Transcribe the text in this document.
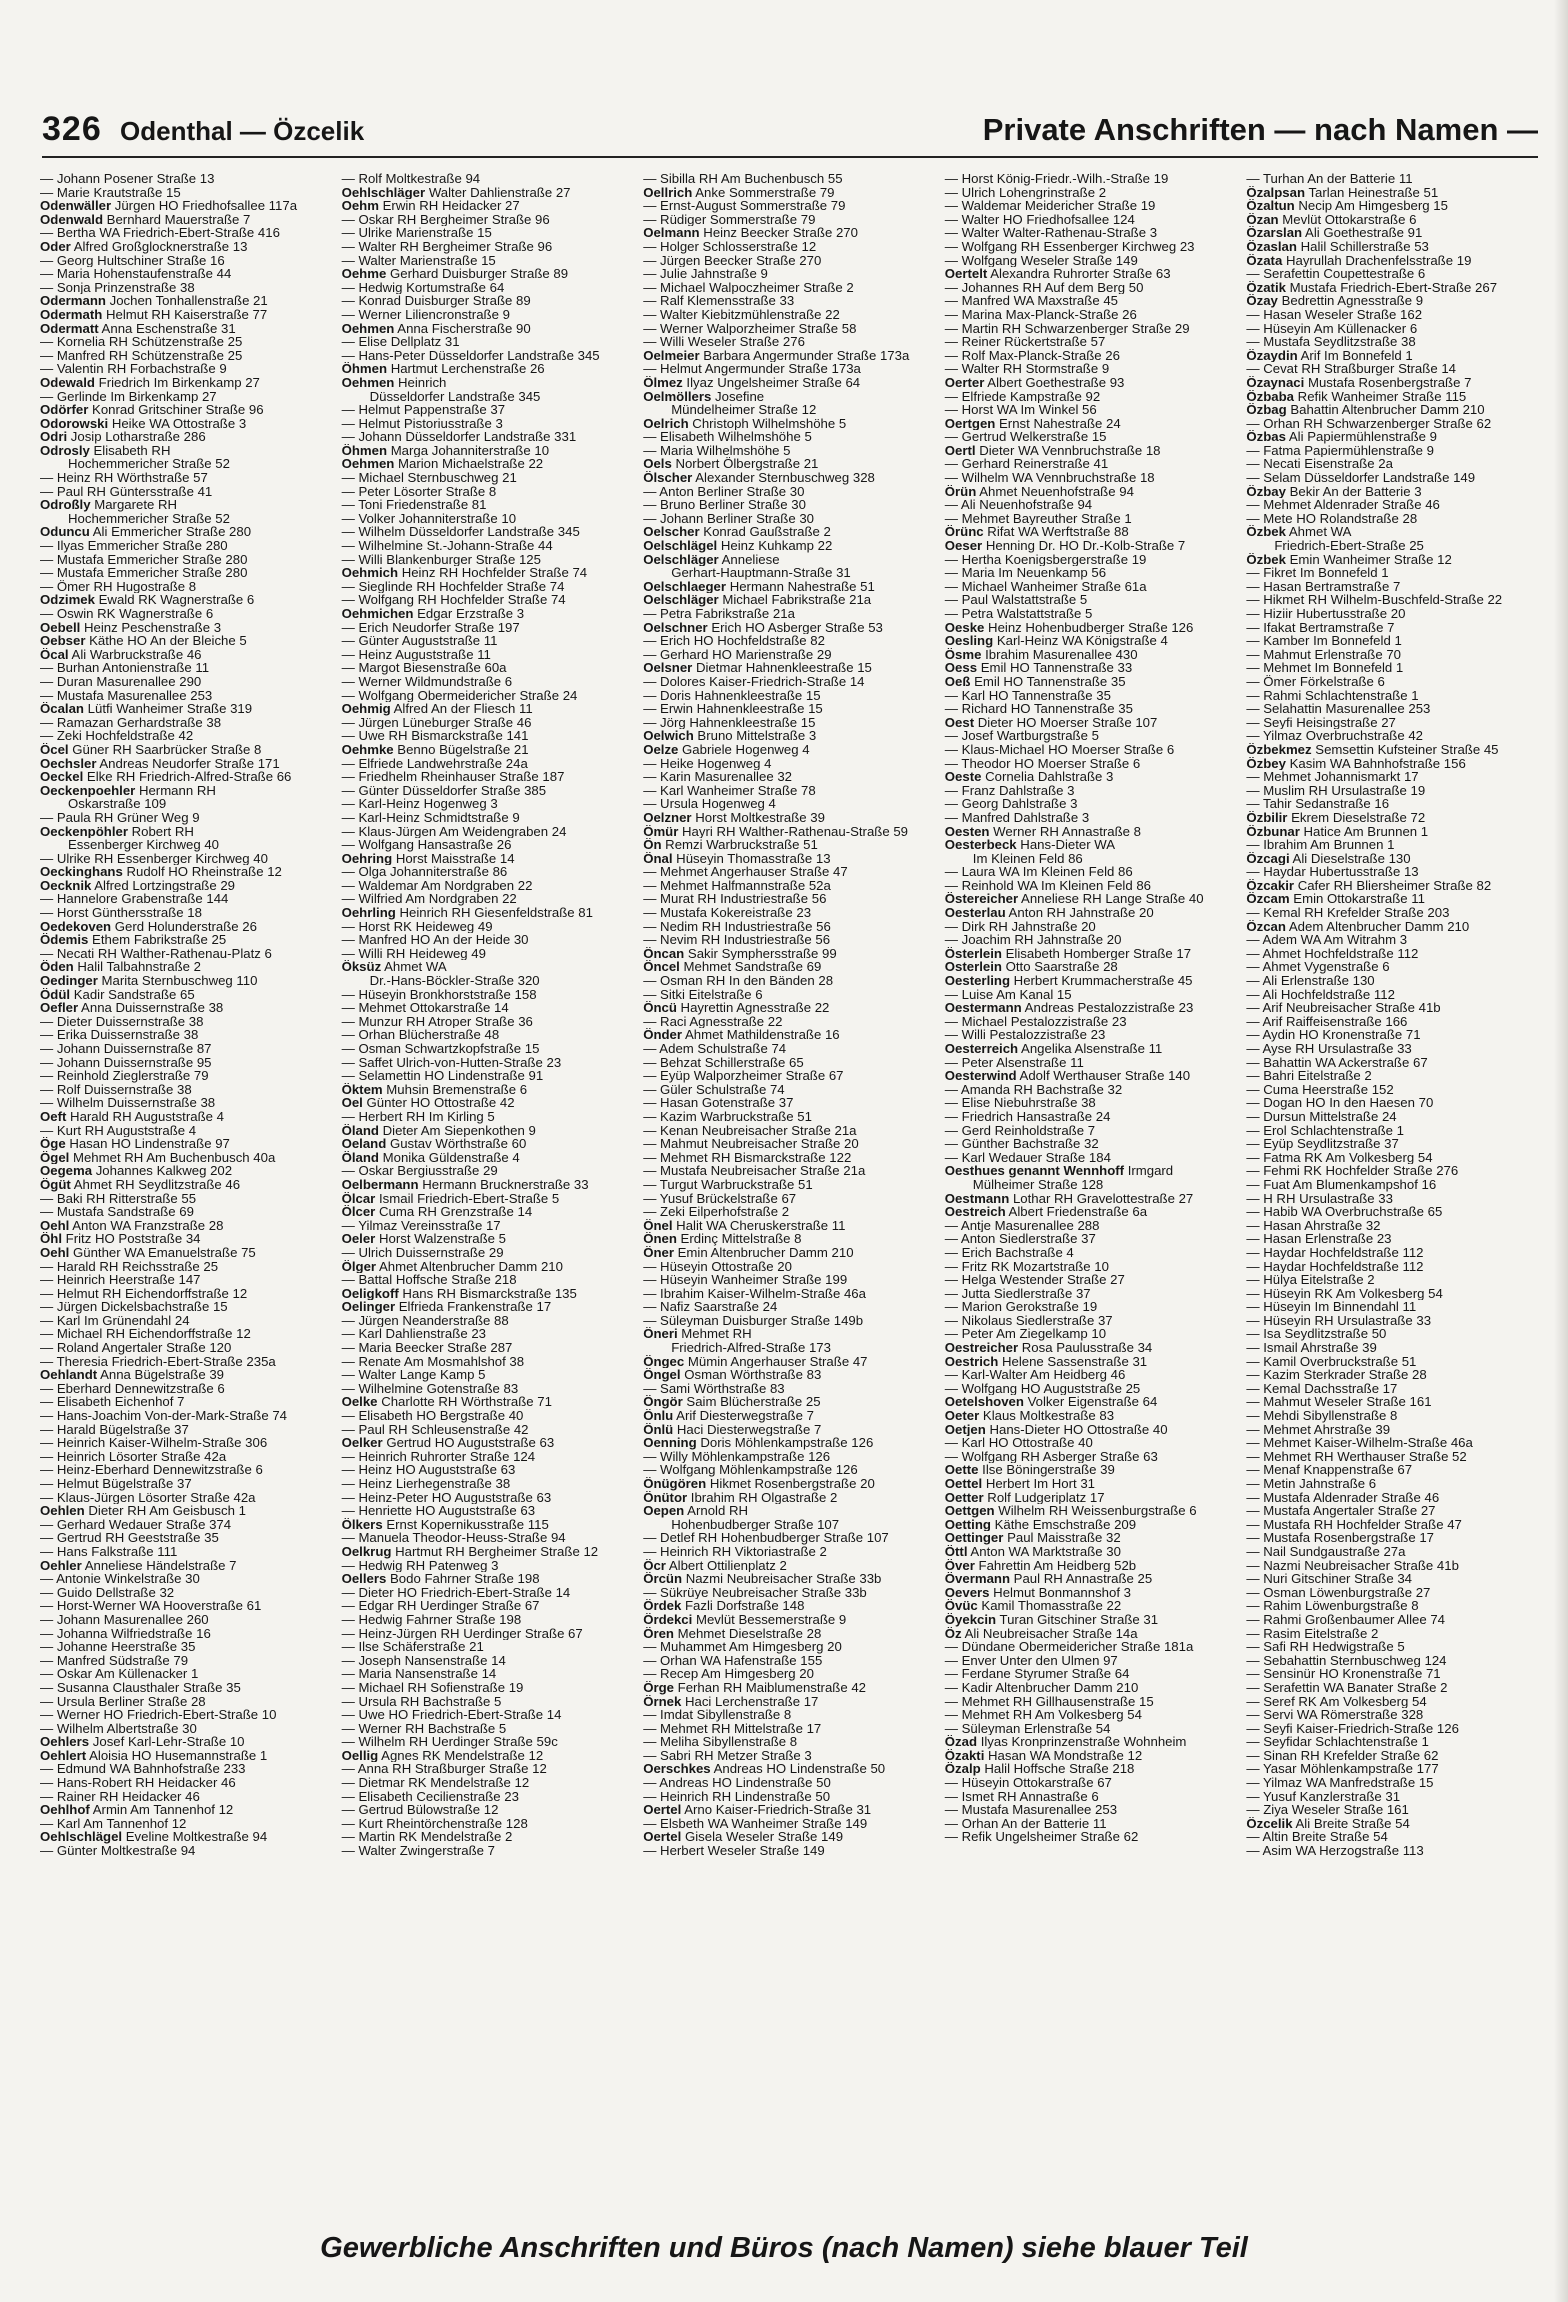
326 Odenthal — Özcelik	Private Anschriften — nach Namen —
— Johann Posener Straße 13
— Marie Krautstraße 15
Odenwäller Jürgen HO Friedhofsallee 117a
Odenwald Bernhard Mauerstraße 7
— Bertha WA Friedrich-Ebert-Straße 416
Oder Alfred Großglocknerstraße 13
— Georg Hultschiner Straße 16
— Maria Hohenstaufenstraße 44
— Sonja Prinzenstraße 38
Odermann Jochen Tonhallenstraße 21
Odermath Helmut RH Kaiserstraße 77
Odermatt Anna Eschenstraße 31
— Kornelia RH Schützenstraße 25
— Manfred RH Schützenstraße 25
— Valentin RH Forbachstraße 9
Odewald Friedrich Im Birkenkamp 27
— Gerlinde Im Birkenkamp 27
Odörfer Konrad Gritschiner Straße 96
Odorowski Heike WA Ottostraße 3
Odri Josip Lotharstraße 286
Odrosly Elisabeth RH
Hochemmericher Straße 52
— Heinz RH Wörthstraße 57
— Paul RH Güntersstraße 41
Odroßly Margarete RH
Hochemmericher Straße 52
Oduncu Ali Emmericher Straße 280
— Ilyas Emmericher Straße 280
— Mustafa Emmericher Straße 280
— Mustafa Emmericher Straße 280
— Ömer RH Hugostraße 8
Odzimek Ewald RK Wagnerstraße 6
— Oswin RK Wagnerstraße 6
Oebell Heinz Peschenstraße 3
Oebser Käthe HO An der Bleiche 5
Öcal Ali Warbruckstraße 46
— Burhan Antonienstraße 11
— Duran Masurenallee 290
— Mustafa Masurenallee 253
Öcalan Lütfi Wanheimer Straße 319
— Ramazan Gerhardstraße 38
— Zeki Hochfeldstraße 42
Öcel Güner RH Saarbrücker Straße 8
Oechsler Andreas Neudorfer Straße 171
Oeckel Elke RH Friedrich-Alfred-Straße 66
Oeckenpoehler Hermann RH
Oskarstraße 109
— Paula RH Grüner Weg 9
Oeckenpöhler Robert RH
Essenberger Kirchweg 40
— Ulrike RH Essenberger Kirchweg 40
Oeckinghans Rudolf HO Rheinstraße 12
Oecknik Alfred Lortzingstraße 29
— Hannelore Grabenstraße 144
— Horst Günthersstraße 18
Oedekoven Gerd Holunderstraße 26
Ödemis Ethem Fabrikstraße 25
— Necati RH Walther-Rathenau-Platz 6
Öden Halil Talbahnstraße 2
Oedinger Marita Sternbuschweg 110
Ödül Kadir Sandstraße 65
Oefler Anna Duissernstraße 38
— Dieter Duissernstraße 38
— Erika Duissernstraße 38
— Johann Duissernstraße 87
— Johann Duissernstraße 95
— Reinhold Zieglerstraße 79
— Rolf Duissernstraße 38
— Wilhelm Duissernstraße 38
Oeft Harald RH Auguststraße 4
— Kurt RH Auguststraße 4
Öge Hasan HO Lindenstraße 97
Ögel Mehmet RH Am Buchenbusch 40a
Oegema Johannes Kalkweg 202
Ögüt Ahmet RH Seydlitzstraße 46
— Baki RH Ritterstraße 55
— Mustafa Sandstraße 69
Oehl Anton WA Franzstraße 28
Öhl Fritz HO Poststraße 34
Oehl Günther WA Emanuelstraße 75
— Harald RH Reichsstraße 25
— Heinrich Heerstraße 147
— Helmut RH Eichendorffstraße 12
— Jürgen Dickelsbachstraße 15
— Karl Im Grünendahl 24
— Michael RH Eichendorffstraße 12
— Roland Angertaler Straße 120
— Theresia Friedrich-Ebert-Straße 235a
Oehlandt Anna Bügelstraße 39
— Eberhard Dennewitzstraße 6
— Elisabeth Eichenhof 7
— Hans-Joachim Von-der-Mark-Straße 74
— Harald Bügelstraße 37
— Heinrich Kaiser-Wilhelm-Straße 306
— Heinrich Lösorter Straße 42a
— Heinz-Eberhard Dennewitzstraße 6
— Helmut Bügelstraße 37
— Klaus-Jürgen Lösorter Straße 42a
Oehlen Dieter RH Am Geisbusch 1
— Gerhard Wedauer Straße 374
— Gertrud RH Geeststraße 35
— Hans Falkstraße 111
Oehler Anneliese Händelstraße 7
— Antonie Winkelstraße 30
— Guido Dellstraße 32
— Horst-Werner WA Hooverstraße 61
— Johann Masurenallee 260
— Johanna Wilfriedstraße 16
— Johanne Heerstraße 35
— Manfred Südstraße 79
— Oskar Am Küllenacker 1
— Susanna Clausthaler Straße 35
— Ursula Berliner Straße 28
— Werner HO Friedrich-Ebert-Straße 10
— Wilhelm Albertstraße 30
Oehlers Josef Karl-Lehr-Straße 10
Oehlert Aloisia HO Husemannstraße 1
— Edmund WA Bahnhofstraße 233
— Hans-Robert RH Heidacker 46
— Rainer RH Heidacker 46
Oehlhof Armin Am Tannenhof 12
— Karl Am Tannenhof 12
Oehlschlägel Eveline Moltkestraße 94
— Günter Moltkestraße 94
— Rolf Moltkestraße 94
Oehlschläger Walter Dahlienstraße 27
Oehm Erwin RH Heidacker 27
— Oskar RH Bergheimer Straße 96
— Ulrike Marienstraße 15
— Walter RH Bergheimer Straße 96
— Walter Marienstraße 15
Oehme Gerhard Duisburger Straße 89
— Hedwig Kortumstraße 64
— Konrad Duisburger Straße 89
— Werner Liliencronstraße 9
Oehmen Anna Fischerstraße 90
— Elise Dellplatz 31
— Hans-Peter Düsseldorfer Landstraße 345
Öhmen Hartmut Lerchenstraße 26
Oehmen Heinrich
Düsseldorfer Landstraße 345
— Helmut Pappenstraße 37
— Helmut Pistoriusstraße 3
— Johann Düsseldorfer Landstraße 331
Öhmen Marga Johanniterstraße 10
Oehmen Marion Michaelstraße 22
— Michael Sternbuschweg 21
— Peter Lösorter Straße 8
— Toni Friedenstraße 81
— Volker Johanniterstraße 10
— Wilhelm Düsseldorfer Landstraße 345
— Wilhelmine St.-Johann-Straße 44
— Willi Blankenburger Straße 125
Oehmich Heinz RH Hochfelder Straße 74
— Sieglinde RH Hochfelder Straße 74
— Wolfgang RH Hochfelder Straße 74
Oehmichen Edgar Erzstraße 3
— Erich Neudorfer Straße 197
— Günter Auguststraße 11
— Heinz Auguststraße 11
— Margot Biesenstraße 60a
— Werner Wildmundstraße 6
— Wolfgang Obermeidericher Straße 24
Oehmig Alfred An der Fliesch 11
— Jürgen Lüneburger Straße 46
— Uwe RH Bismarckstraße 141
Oehmke Benno Bügelstraße 21
— Elfriede Landwehrstraße 24a
— Friedhelm Rheinhauser Straße 187
— Günter Düsseldorfer Straße 385
— Karl-Heinz Hogenweg 3
— Karl-Heinz Schmidtstraße 9
— Klaus-Jürgen Am Weidengraben 24
— Wolfgang Hansastraße 26
Oehring Horst Maisstraße 14
— Olga Johanniterstraße 86
— Waldemar Am Nordgraben 22
— Wilfried Am Nordgraben 22
Oehrling Heinrich RH Giesenfeldstraße 81
— Horst RK Heideweg 49
— Manfred HO An der Heide 30
— Willi RH Heideweg 49
Öksüz Ahmet WA
Dr.-Hans-Böckler-Straße 320
— Hüseyin Bronkhorststraße 158
— Mehmet Ottokarstraße 14
— Munzur RH Atroper Straße 36
— Orhan Blücherstraße 48
— Osman Schwartzkopfstraße 15
— Saffet Ulrich-von-Hutten-Straße 23
— Selamettin HO Lindenstraße 91
Öktem Muhsin Bremenstraße 6
Oel Günter HO Ottostraße 42
— Herbert RH Im Kirling 5
Öland Dieter Am Siepenkothen 9
Oeland Gustav Wörthstraße 60
Öland Monika Güldenstraße 4
— Oskar Bergiusstraße 29
Oelbermann Hermann Brucknerstraße 33
Ölcar Ismail Friedrich-Ebert-Straße 5
Ölcer Cuma RH Grenzstraße 14
— Yilmaz Vereinsstraße 17
Oeler Horst Walzenstraße 5
— Ulrich Duissernstraße 29
Ölger Ahmet Altenbrucher Damm 210
— Battal Hoffsche Straße 218
Oeligkoff Hans RH Bismarckstraße 135
Oelinger Elfrieda Frankenstraße 17
— Jürgen Neanderstraße 88
— Karl Dahlienstraße 23
— Maria Beecker Straße 287
— Renate Am Mosmahlshof 38
— Walter Lange Kamp 5
— Wilhelmine Gotenstraße 83
Oelke Charlotte RH Wörthstraße 71
— Elisabeth HO Bergstraße 40
— Paul RH Schleusenstraße 42
Oelker Gertrud HO Auguststraße 63
— Heinrich Ruhrorter Straße 124
— Heinz HO Auguststraße 63
— Heinz Lierhegenstraße 38
— Heinz-Peter HO Auguststraße 63
— Henriette HO Auguststraße 63
Ölkers Ernst Kopernikusstraße 115
— Manuela Theodor-Heuss-Straße 94
Oelkrug Hartmut RH Bergheimer Straße 12
— Hedwig RH Patenweg 3
Oellers Bodo Fahrner Straße 198
— Dieter HO Friedrich-Ebert-Straße 14
— Edgar RH Uerdinger Straße 67
— Hedwig Fahrner Straße 198
— Heinz-Jürgen RH Uerdinger Straße 67
— Ilse Schäferstraße 21
— Joseph Nansenstraße 14
— Maria Nansenstraße 14
— Michael RH Sofienstraße 19
— Ursula RH Bachstraße 5
— Uwe HO Friedrich-Ebert-Straße 14
— Werner RH Bachstraße 5
— Wilhelm RH Uerdinger Straße 59c
Oellig Agnes RK Mendelstraße 12
— Anna RH Straßburger Straße 12
— Dietmar RK Mendelstraße 12
— Elisabeth Cecilienstraße 23
— Gertrud Bülowstraße 12
— Kurt Rheintörchenstraße 128
— Martin RK Mendelstraße 2
— Walter Zwingerstraße 7
— Sibilla RH Am Buchenbusch 55
Oellrich Anke Sommerstraße 79
— Ernst-August Sommerstraße 79
— Rüdiger Sommerstraße 79
Oelmann Heinz Beecker Straße 270
— Holger Schlosserstraße 12
— Jürgen Beecker Straße 270
— Julie Jahnstraße 9
— Michael Walpoczheimer Straße 2
— Ralf Klemensstraße 33
— Walter Kiebitzmühlenstraße 22
— Werner Walporzheimer Straße 58
— Willi Weseler Straße 276
Oelmeier Barbara Angermunder Straße 173a
— Helmut Angermunder Straße 173a
Ölmez Ilyaz Ungelsheimer Straße 64
Oelmöllers Josefine
Mündelheimer Straße 12
Oelrich Christoph Wilhelmshöhe 5
— Elisabeth Wilhelmshöhe 5
— Maria Wilhelmshöhe 5
Oels Norbert Ölbergstraße 21
Ölscher Alexander Sternbuschweg 328
— Anton Berliner Straße 30
— Bruno Berliner Straße 30
— Johann Berliner Straße 30
Oelscher Konrad Gaußstraße 2
Oelschlägel Heinz Kuhkamp 22
Oelschläger Anneliese
Gerhart-Hauptmann-Straße 31
Oelschlaeger Hermann Nahestraße 51
Oelschläger Michael Fabrikstraße 21a
— Petra Fabrikstraße 21a
Oelschner Erich HO Asberger Straße 53
— Erich HO Hochfeldstraße 82
— Gerhard HO Marienstraße 29
Oelsner Dietmar Hahnenkleestraße 15
— Dolores Kaiser-Friedrich-Straße 14
— Doris Hahnenkleestraße 15
— Erwin Hahnenkleestraße 15
— Jörg Hahnenkleestraße 15
Oelwich Bruno Mittelstraße 3
Oelze Gabriele Hogenweg 4
— Heike Hogenweg 4
— Karin Masurenallee 32
— Karl Wanheimer Straße 78
— Ursula Hogenweg 4
Oelzner Horst Moltkestraße 39
Ömür Hayri RH Walther-Rathenau-Straße 59
Ön Remzi Warbruckstraße 51
Önal Hüseyin Thomasstraße 13
— Mehmet Angerhauser Straße 47
— Mehmet Halfmannstraße 52a
— Murat RH Industriestraße 56
— Mustafa Kokereistraße 23
— Nedim RH Industriestraße 56
— Nevim RH Industriestraße 56
Öncan Sakir Symphersstraße 99
Öncel Mehmet Sandstraße 69
— Osman RH In den Bänden 28
— Sitki Eitelstraße 6
Öncü Hayrettin Agnesstraße 22
— Raci Agnesstraße 22
Önder Ahmet Mathildenstraße 16
— Adem Schulstraße 74
— Behzat Schillerstraße 65
— Eyüp Walporzheimer Straße 67
— Güler Schulstraße 74
— Hasan Gotenstraße 37
— Kazim Warbruckstraße 51
— Kenan Neubreisacher Straße 21a
— Mahmut Neubreisacher Straße 20
— Mehmet RH Bismarckstraße 122
— Mustafa Neubreisacher Straße 21a
— Turgut Warbruckstraße 51
— Yusuf Brückelstraße 67
— Zeki Eilperhofstraße 2
Önel Halit WA Cheruskerstraße 11
Önen Erdinç Mittelstraße 8
Öner Emin Altenbrucher Damm 210
— Hüseyin Ottostraße 20
— Hüseyin Wanheimer Straße 199
— Ibrahim Kaiser-Wilhelm-Straße 46a
— Nafiz Saarstraße 24
— Süleyman Duisburger Straße 149b
Öneri Mehmet RH
Friedrich-Alfred-Straße 173
Öngec Mümin Angerhauser Straße 47
Öngel Osman Wörthstraße 83
— Sami Wörthstraße 83
Öngör Saim Blücherstraße 25
Önlu Arif Diesterwegstraße 7
Önlü Haci Diesterwegstraße 7
Oenning Doris Möhlenkampstraße 126
— Willy Möhlenkampstraße 126
— Wolfgang Möhlenkampstraße 126
Önügören Hikmet Rosenbergstraße 20
Önütor Ibrahim RH Olgastraße 2
Oepen Arnold RH
Hohenbudberger Straße 107
— Detlef RH Hohenbudberger Straße 107
— Heinrich RH Viktoriastraße 2
Öcr Albert Ottilienplatz 2
Örcün Nazmi Neubreisacher Straße 33b
— Sükrüye Neubreisacher Straße 33b
Ördek Fazli Dorfstraße 148
Ördekci Mevlüt Bessemerstraße 9
Ören Mehmet Dieselstraße 28
— Muhammet Am Himgesberg 20
— Orhan WA Hafenstraße 155
— Recep Am Himgesberg 20
Örge Ferhan RH Maiblumenstraße 42
Örnek Haci Lerchenstraße 17
— Imdat Sibyllenstraße 8
— Mehmet RH Mittelstraße 17
— Meliha Sibyllenstraße 8
— Sabri RH Metzer Straße 3
Oerschkes Andreas HO Lindenstraße 50
— Andreas HO Lindenstraße 50
— Heinrich RH Lindenstraße 50
Oertel Arno Kaiser-Friedrich-Straße 31
— Elsbeth WA Wanheimer Straße 149
Oertel Gisela Weseler Straße 149
— Herbert Weseler Straße 149
— Horst König-Friedr.-Wilh.-Straße 19
— Ulrich Lohengrinstraße 2
— Waldemar Meidericher Straße 19
— Walter HO Friedhofsallee 124
— Walter Walter-Rathenau-Straße 3
— Wolfgang RH Essenberger Kirchweg 23
— Wolfgang Weseler Straße 149
Oertelt Alexandra Ruhrorter Straße 63
— Johannes RH Auf dem Berg 50
— Manfred WA Maxstraße 45
— Marina Max-Planck-Straße 26
— Martin RH Schwarzenberger Straße 29
— Reiner Rückertstraße 57
— Rolf Max-Planck-Straße 26
— Walter RH Stormstraße 9
Oerter Albert Goethestraße 93
— Elfriede Kampstraße 92
— Horst WA Im Winkel 56
Oertgen Ernst Nahestraße 24
— Gertrud Welkerstraße 15
Oertl Dieter WA Vennbruchstraße 18
— Gerhard Reinerstraße 41
— Wilhelm WA Vennbruchstraße 18
Örün Ahmet Neuenhofstraße 94
— Ali Neuenhofstraße 94
— Mehmet Bayreuther Straße 1
Örünc Rifat WA Werftstraße 88
Oeser Henning Dr. HO Dr.-Kolb-Straße 7
— Hertha Koenigsbergerstraße 19
— Maria Im Neuenkamp 56
— Michael Wanheimer Straße 61a
— Paul Walstattstraße 5
— Petra Walstattstraße 5
Oeske Heinz Hohenbudberger Straße 126
Oesling Karl-Heinz WA Königstraße 4
Ösme Ibrahim Masurenallee 430
Oess Emil HO Tannenstraße 33
Oeß Emil HO Tannenstraße 35
— Karl HO Tannenstraße 35
— Richard HO Tannenstraße 35
Oest Dieter HO Moerser Straße 107
— Josef Wartburgstraße 5
— Klaus-Michael HO Moerser Straße 6
— Theodor HO Moerser Straße 6
Oeste Cornelia Dahlstraße 3
— Franz Dahlstraße 3
— Georg Dahlstraße 3
— Manfred Dahlstraße 3
Oesten Werner RH Annastraße 8
Oesterbeck Hans-Dieter WA
Im Kleinen Feld 86
— Laura WA Im Kleinen Feld 86
— Reinhold WA Im Kleinen Feld 86
Östereicher Anneliese RH Lange Straße 40
Oesterlau Anton RH Jahnstraße 20
— Dirk RH Jahnstraße 20
— Joachim RH Jahnstraße 20
Österlein Elisabeth Homberger Straße 17
Osterlein Otto Saarstraße 28
Oesterling Herbert Krummacherstraße 45
— Luise Am Kanal 15
Oestermann Andreas Pestalozzistraße 23
— Michael Pestalozzistraße 23
— Willi Pestalozzistraße 23
Oesterreich Angelika Alsenstraße 11
— Peter Alsenstraße 11
Oesterwind Adolf Werthauser Straße 140
— Amanda RH Bachstraße 32
— Elise Niebuhrstraße 38
— Friedrich Hansastraße 24
— Gerd Reinholdstraße 7
— Günther Bachstraße 32
— Karl Wedauer Straße 184
Oesthues genannt Wennhoff Irmgard
Mülheimer Straße 128
Oestmann Lothar RH Gravelottestraße 27
Oestreich Albert Friedenstraße 6a
— Antje Masurenallee 288
— Anton Siedlerstraße 37
— Erich Bachstraße 4
— Fritz RK Mozartstraße 10
— Helga Westender Straße 27
— Jutta Siedlerstraße 37
— Marion Gerokstraße 19
— Nikolaus Siedlerstraße 37
— Peter Am Ziegelkamp 10
Oestreicher Rosa Paulusstraße 34
Oestrich Helene Sassenstraße 31
— Karl-Walter Am Heidberg 46
— Wolfgang HO Auguststraße 25
Oetelshoven Volker Eigenstraße 64
Oeter Klaus Moltkestraße 83
Oetjen Hans-Dieter HO Ottostraße 40
— Karl HO Ottostraße 40
— Wolfgang RH Asberger Straße 63
Oette Ilse Böningerstraße 39
Oettel Herbert Im Hort 31
Oetter Rolf Ludgeriplatz 17
Oettgen Wilhelm RH Weissenburgstraße 6
Oetting Käthe Emschstraße 209
Oettinger Paul Maisstraße 32
Öttl Anton WA Marktstraße 30
Över Fahrettin Am Heidberg 52b
Övermann Paul RH Annastraße 25
Oevers Helmut Bonmannshof 3
Övüc Kamil Thomasstraße 22
Öyekcin Turan Gitschiner Straße 31
Öz Ali Neubreisacher Straße 14a
— Dündane Obermeidericher Straße 181a
— Enver Unter den Ulmen 97
— Ferdane Styrumer Straße 64
— Kadir Altenbrucher Damm 210
— Mehmet RH Gillhausenstraße 15
— Mehmet RH Am Volkesberg 54
— Süleyman Erlenstraße 54
Özad Ilyas Kronprinzenstraße Wohnheim
Özakti Hasan WA Mondstraße 12
Özalp Halil Hoffsche Straße 218
— Hüseyin Ottokarstraße 67
— Ismet RH Annastraße 6
— Mustafa Masurenallee 253
— Orhan An der Batterie 11
— Refik Ungelsheimer Straße 62
— Turhan An der Batterie 11
Özalpsan Tarlan Heinestraße 51
Özaltun Necip Am Himgesberg 15
Özan Mevlüt Ottokarstraße 6
Özarslan Ali Goethestraße 91
Özaslan Halil Schillerstraße 53
Özata Hayrullah Drachenfelsstraße 19
— Serafettin Coupettestraße 6
Özatik Mustafa Friedrich-Ebert-Straße 267
Özay Bedrettin Agnesstraße 9
— Hasan Weseler Straße 162
— Hüseyin Am Küllenacker 6
— Mustafa Seydlitzstraße 38
Özaydin Arif Im Bonnefeld 1
— Cevat RH Straßburger Straße 14
Özaynaci Mustafa Rosenbergstraße 7
Özbaba Refik Wanheimer Straße 115
Özbag Bahattin Altenbrucher Damm 210
— Orhan RH Schwarzenberger Straße 62
Özbas Ali Papiermühlenstraße 9
— Fatma Papiermühlenstraße 9
— Necati Eisenstraße 2a
— Selam Düsseldorfer Landstraße 149
Özbay Bekir An der Batterie 3
— Mehmet Aldenrader Straße 46
— Mete HO Rolandstraße 28
Özbek Ahmet WA
Friedrich-Ebert-Straße 25
Özbek Emin Wanheimer Straße 12
— Fikret Im Bonnefeld 1
— Hasan Bertramstraße 7
— Hikmet RH Wilhelm-Buschfeld-Straße 22
— Hiziir Hubertusstraße 20
— Ifakat Bertramstraße 7
— Kamber Im Bonnefeld 1
— Mahmut Erlenstraße 70
— Mehmet Im Bonnefeld 1
— Ömer Förkelstraße 6
— Rahmi Schlachtenstraße 1
— Selahattin Masurenallee 253
— Seyfi Heisingstraße 27
— Yilmaz Overbruchstraße 42
Özbekmez Semsettin Kufsteiner Straße 45
Özbey Kasim WA Bahnhofstraße 156
— Mehmet Johannismarkt 17
— Muslim RH Ursulastraße 19
— Tahir Sedanstraße 16
Özbilir Ekrem Dieselstraße 72
Özbunar Hatice Am Brunnen 1
— Ibrahim Am Brunnen 1
Özcagi Ali Dieselstraße 130
— Haydar Hubertusstraße 13
Özcakir Cafer RH Bliersheimer Straße 82
Özcam Emin Ottokarstraße 11
— Kemal RH Krefelder Straße 203
Özcan Adem Altenbrucher Damm 210
— Adem WA Am Witrahm 3
— Ahmet Hochfeldstraße 112
— Ahmet Vygenstraße 6
— Ali Erlenstraße 130
— Ali Hochfeldstraße 112
— Arif Neubreisacher Straße 41b
— Arif Raiffeisenstraße 166
— Aydin HO Kronenstraße 71
— Ayse RH Ursulastraße 33
— Bahattin WA Ackerstraße 67
— Bahri Eitelstraße 2
— Cuma Heerstraße 152
— Dogan HO In den Haesen 70
— Dursun Mittelstraße 24
— Erol Schlachtenstraße 1
— Eyüp Seydlitzstraße 37
— Fatma RK Am Volkesberg 54
— Fehmi RK Hochfelder Straße 276
— Fuat Am Blumenkampshof 16
— H RH Ursulastraße 33
— Habib WA Overbruchstraße 65
— Hasan Ahrstraße 32
— Hasan Erlenstraße 23
— Haydar Hochfeldstraße 112
— Haydar Hochfeldstraße 112
— Hülya Eitelstraße 2
— Hüseyin RK Am Volkesberg 54
— Hüseyin Im Binnendahl 11
— Hüseyin RH Ursulastraße 33
— Isa Seydlitzstraße 50
— Ismail Ahrstraße 39
— Kamil Overbruckstraße 51
— Kazim Sterkrader Straße 28
— Kemal Dachsstraße 17
— Mahmut Weseler Straße 161
— Mehdi Sibyllenstraße 8
— Mehmet Ahrstraße 39
— Mehmet Kaiser-Wilhelm-Straße 46a
— Mehmet RH Werthauser Straße 52
— Menaf Knappenstraße 67
— Metin Jahnstraße 6
— Mustafa Aldenrader Straße 46
— Mustafa Angertaler Straße 27
— Mustafa RH Hochfelder Straße 47
— Mustafa Rosenbergstraße 17
— Nail Sundgaustraße 27a
— Nazmi Neubreisacher Straße 41b
— Nuri Gitschiner Straße 34
— Osman Löwenburgstraße 27
— Rahim Löwenburgstraße 8
— Rahmi Großenbaumer Allee 74
— Rasim Eitelstraße 2
— Safi RH Hedwigstraße 5
— Sebahattin Sternbuschweg 124
— Sensinür HO Kronenstraße 71
— Serafettin WA Banater Straße 2
— Seref RK Am Volkesberg 54
— Servi WA Römerstraße 328
— Seyfi Kaiser-Friedrich-Straße 126
— Seyfidar Schlachtenstraße 1
— Sinan RH Krefelder Straße 62
— Yasar Möhlenkampstraße 177
— Yilmaz WA Manfredstraße 15
— Yusuf Kanzlerstraße 31
— Ziya Weseler Straße 161
Özcelik Ali Breite Straße 54
— Altin Breite Straße 54
— Asim WA Herzogstraße 113
Gewerbliche Anschriften und Büros (nach Namen) siehe blauer Teil
